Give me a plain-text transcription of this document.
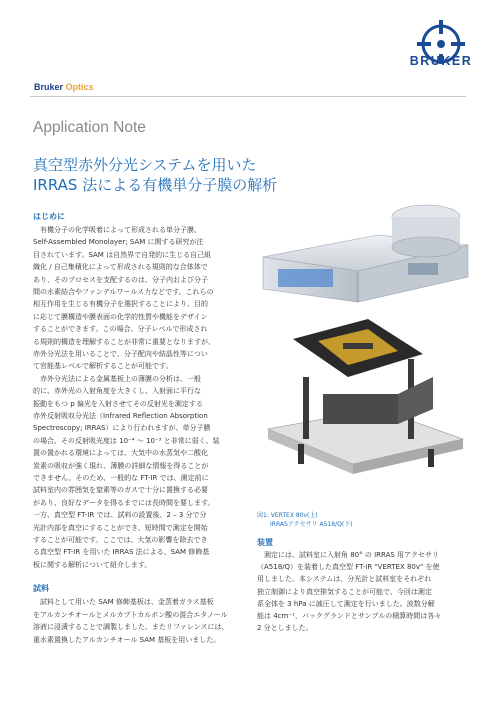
BRUKER
Bruker Optics
Application Note
真空型赤外分光システムを用いた
IRRAS 法による有機単分子膜の解析
はじめに
　有機分子の化学吸着によって形成される単分子膜、
Self-Assembled Monolayer; SAM に関する研究が注
目されています。SAM は自然界で自発的に生じる自己組
織化 / 自己集積化によって形成される規則的な合体体で
あり、そのプロセスを支配するのは、分子内および分子
間の水素結合やファンデルワールス力などです。これらの
相互作用を生じる有機分子を選択することにより、目的
に応じて膜構造や膜表面の化学的性質や機能をデザイン
することができます。この場合、分子レベルで形成され
る規則的構造を理解することが非常に重要となりますが、
赤外分光法を用いることで、分子配向や結晶性等につい
て官能基レベルで解析することが可能です。
　赤外分光法による金属基板上の薄膜の分析は、一般
的に、赤外光の入射角度を大きくし、入射面に平行な
振動をもつ p 偏光を入射させてその反射光を測定する
赤外反射吸収分光法（Infrared Reflection Absorption
Spectroscopy; IRRAS）により行われますが、単分子膜
の場合、その反射吸光度は 10⁻⁴ 〜 10⁻³ と非常に弱く、装
置の置かれる環境によっては、大気中の水蒸気や二酸化
炭素の吸収が強く現れ、薄膜の詳細な情報を得ることが
できません。そのため、一般的な FT-IR では、測定前に
試料室内の雰囲気を窒素等のガスで十分に置換する必要
があり、良好なデータを得るまでには長時間を要します。
一方、真空型 FT-IR では、試料の設置後、2 – 3 分で分
光計内部を真空にすることができ、短時間で測定を開始
することが可能です。ここでは、大気の影響を除去でき
る真空型 FT-IR を用いた IRRAS 法による、SAM 修飾基
板に関する解析について紹介します。
試料
　試料として用いた SAM 修飾基板は、金蒸着ガラス基板
をアルカンチオールとメルカプトカルボン酸の混合エタノール
溶液に浸漬することで調製しました。またリファレンスには、
重水素置換したアルカンチオール SAM 基板を用いました。
図1: VERTEX 80v(上)
IRRASアクセサリ A518/Q(下)
装置
　測定には、試料室に入射角 80° の IRRAS 用アクセサリ
（A518/Q）を装着した真空型 FT-IR "VERTEX 80v" を使
用しました。本システムは、分光計と試料室をそれぞれ
独立制御により真空排気することが可能で、今回は測定
系全体を 3 hPa に減圧して測定を行いました。波数分解
能は 4cm⁻¹、バックグランドとサンプルの積算時間は各々
2 分としました。
